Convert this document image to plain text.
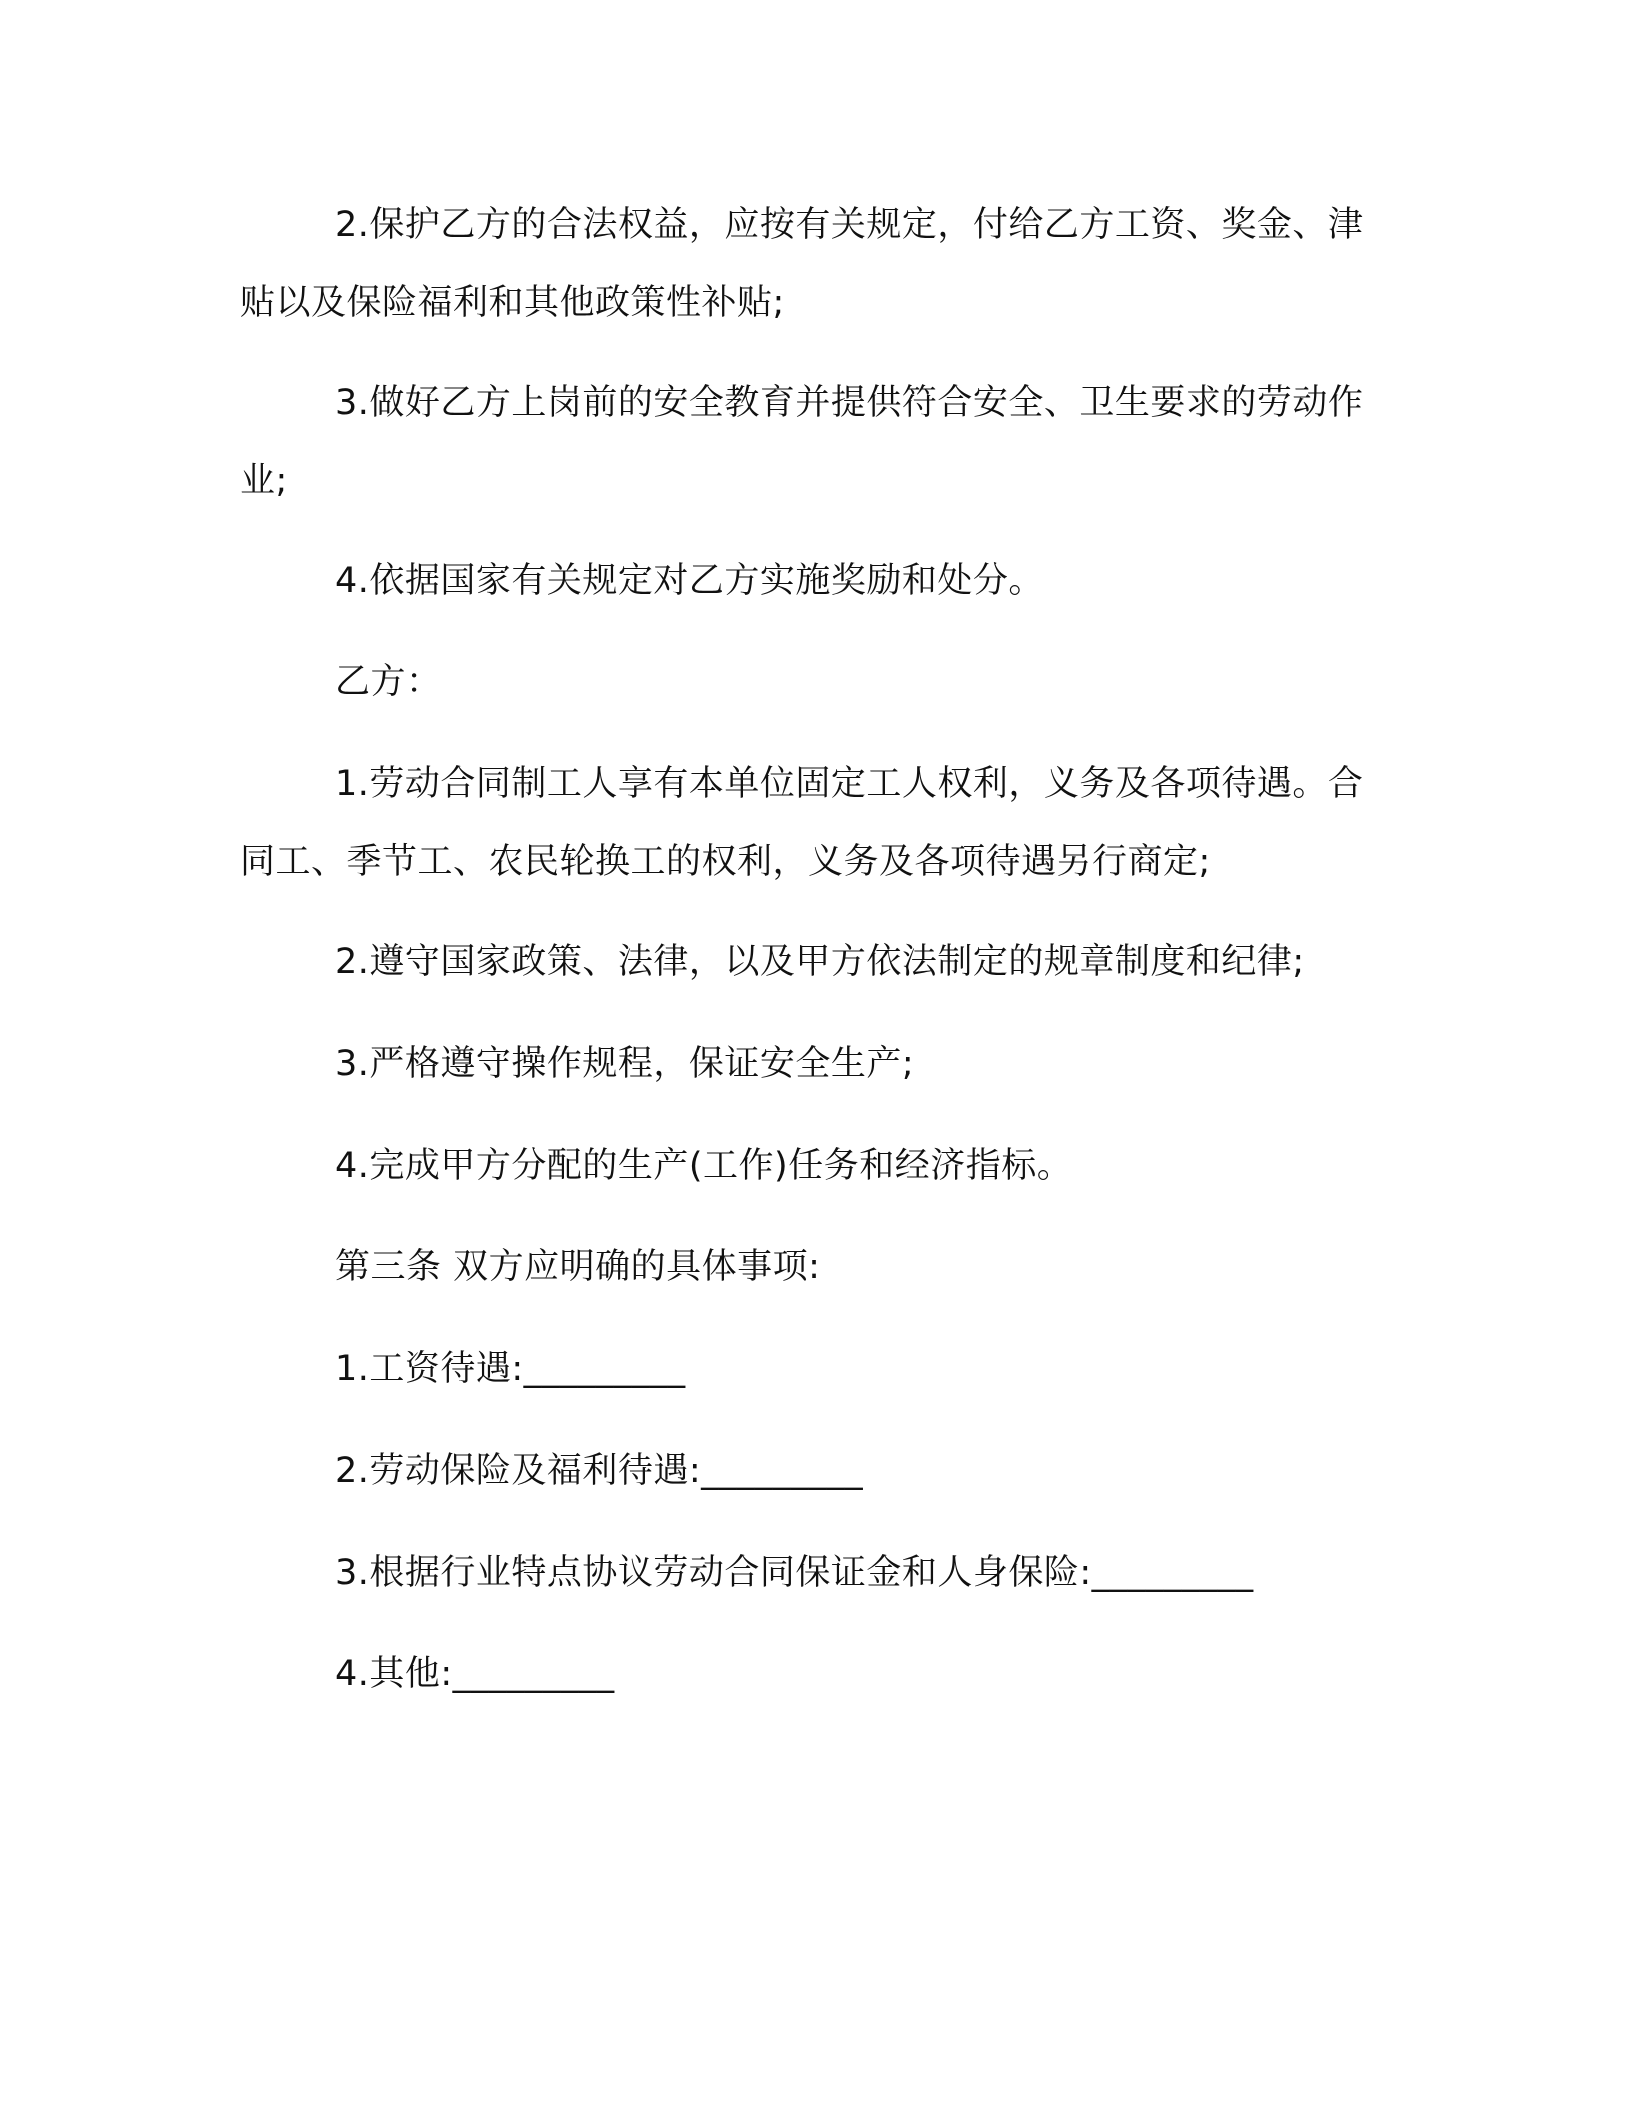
2.保护乙方的合法权益，应按有关规定，付给乙方工资、奖金、津贴以及保险福利和其他政策性补贴;

3.做好乙方上岗前的安全教育并提供符合安全、卫生要求的劳动作业;

4.依据国家有关规定对乙方实施奖励和处分。

乙方：

1.劳动合同制工人享有本单位固定工人权利，义务及各项待遇。合同工、季节工、农民轮换工的权利，义务及各项待遇另行商定;

2.遵守国家政策、法律，以及甲方依法制定的规章制度和纪律;

3.严格遵守操作规程，保证安全生产;

4.完成甲方分配的生产(工作)任务和经济指标。

第三条 双方应明确的具体事项:

1.工资待遇:_________

2.劳动保险及福利待遇:_________

3.根据行业特点协议劳动合同保证金和人身保险:_________

4.其他:_________
